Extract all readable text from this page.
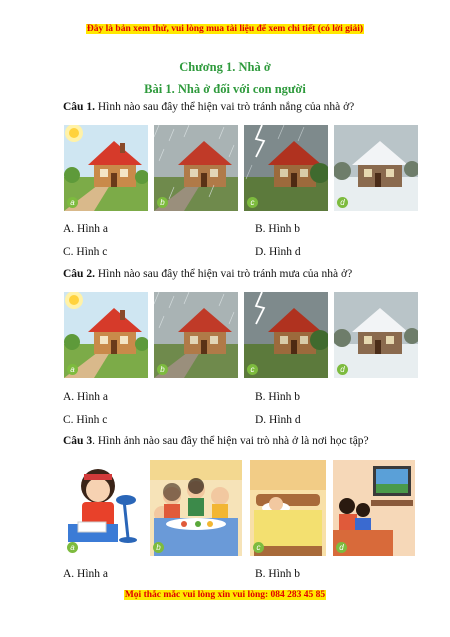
Đây là bản xem thử, vui lòng mua tài liệu để xem chi tiết (có lời giải)
Chương 1. Nhà ở
Bài 1. Nhà ở đối với con người
Câu 1. Hình nào sau đây thể hiện vai trò tránh nắng của nhà ở?
a	b	c	d
A. Hình a	B. Hình b
C. Hình c	D. Hình d
Câu 2. Hình nào sau đây thể hiện vai trò tránh mưa của nhà ở?
a	b	c	d
A. Hình a	B. Hình b
C. Hình c	D. Hình d
Câu 3. Hình ảnh nào sau đây thể hiện vai trò nhà ở là nơi học tập?
a	b	c	d
A. Hình a	B. Hình b
Mọi thắc mắc vui lòng xin vui lòng: 084 283 45 85
